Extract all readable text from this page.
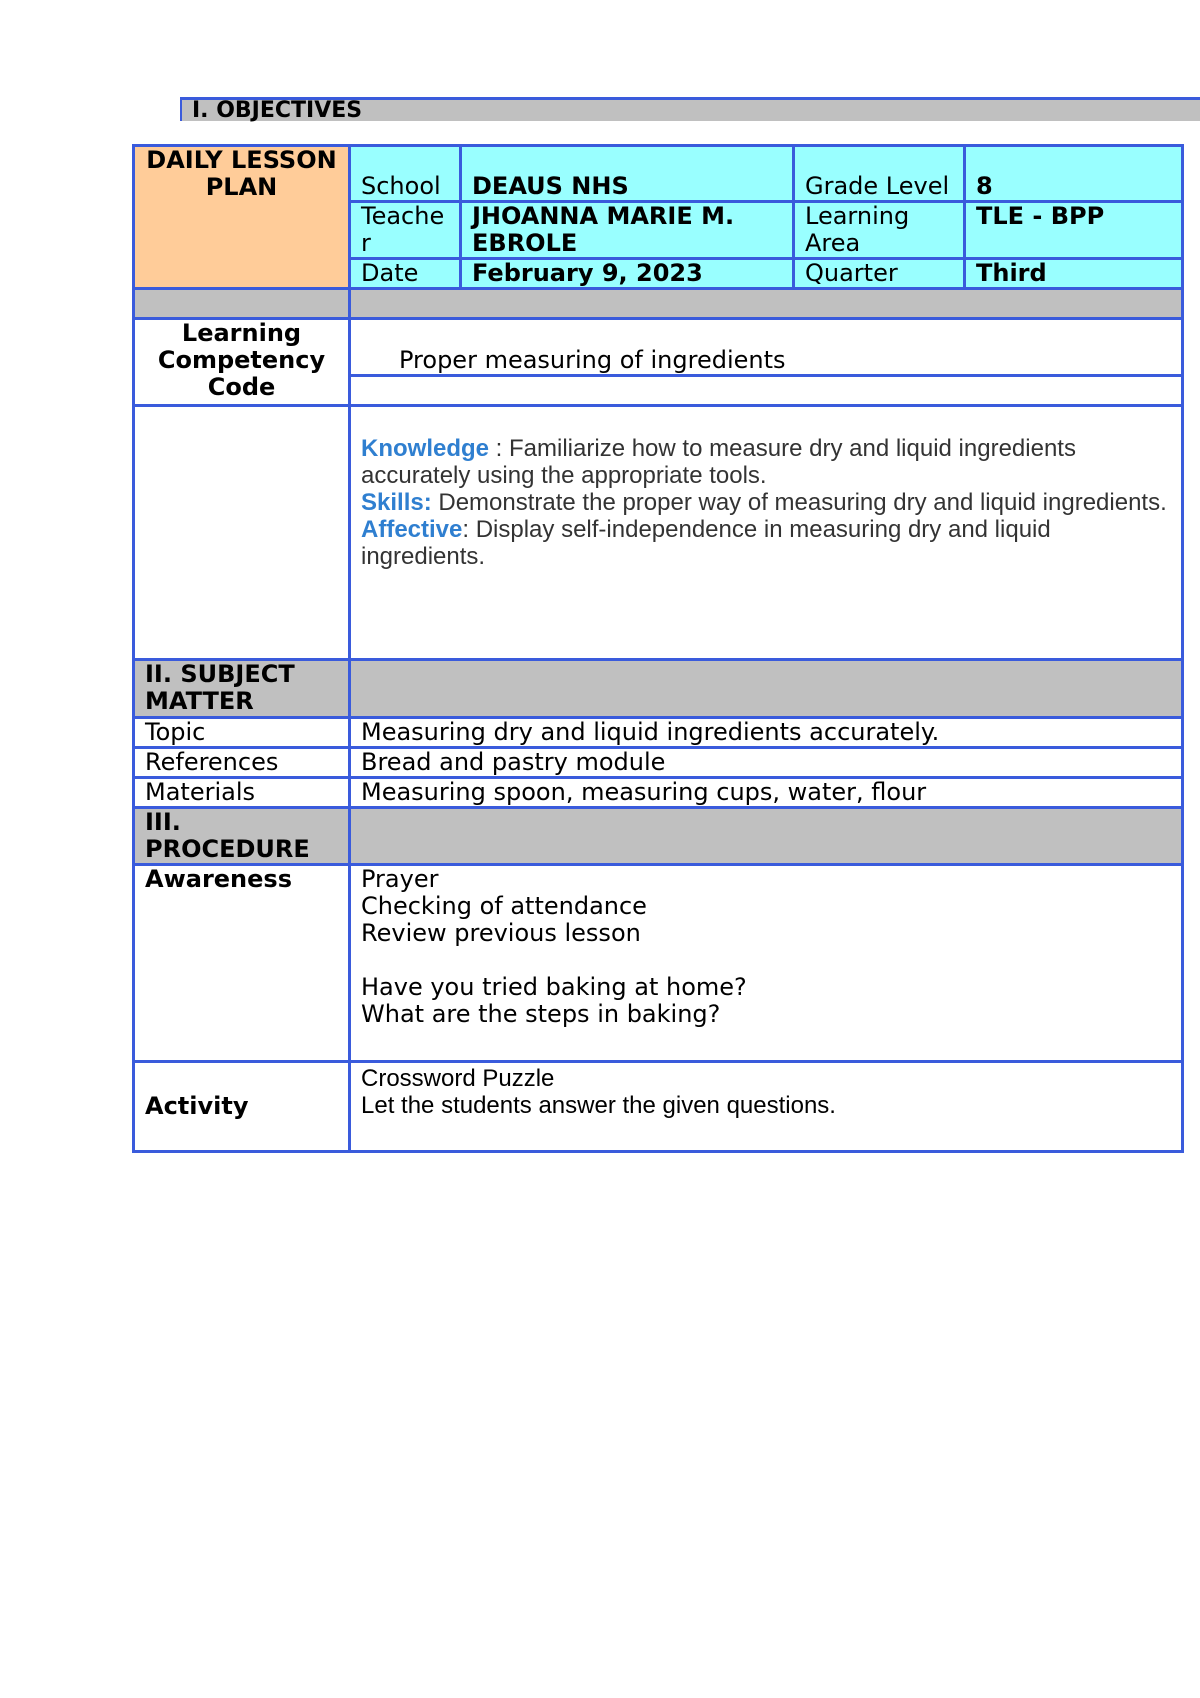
I. OBJECTIVES
DAILY LESSON PLAN	School	DEAUS NHS	Grade Level	8
	Teacher	JHOANNA MARIE M. EBROLE	Learning Area	TLE - BPP
	Date	February 9, 2023	Quarter	Third

Learning Competency Code	Proper measuring of ingredients			

	Knowledge : Familiarize how to measure dry and liquid ingredients accurately using the appropriate tools.
Skills: Demonstrate the proper way of measuring dry and liquid ingredients.
Affective: Display self-independence in measuring dry and liquid ingredients.			

II. SUBJECT MATTER				
Topic	Measuring dry and liquid ingredients accurately.			
References	Bread and pastry module			
Materials	Measuring spoon, measuring cups, water, flour			
III. PROCEDURE				
Awareness	Prayer
Checking of attendance
Review previous lesson
Have you tried baking at home?
What are the steps in baking?			

Activity	Crossword Puzzle
Let the students answer the given questions.			
